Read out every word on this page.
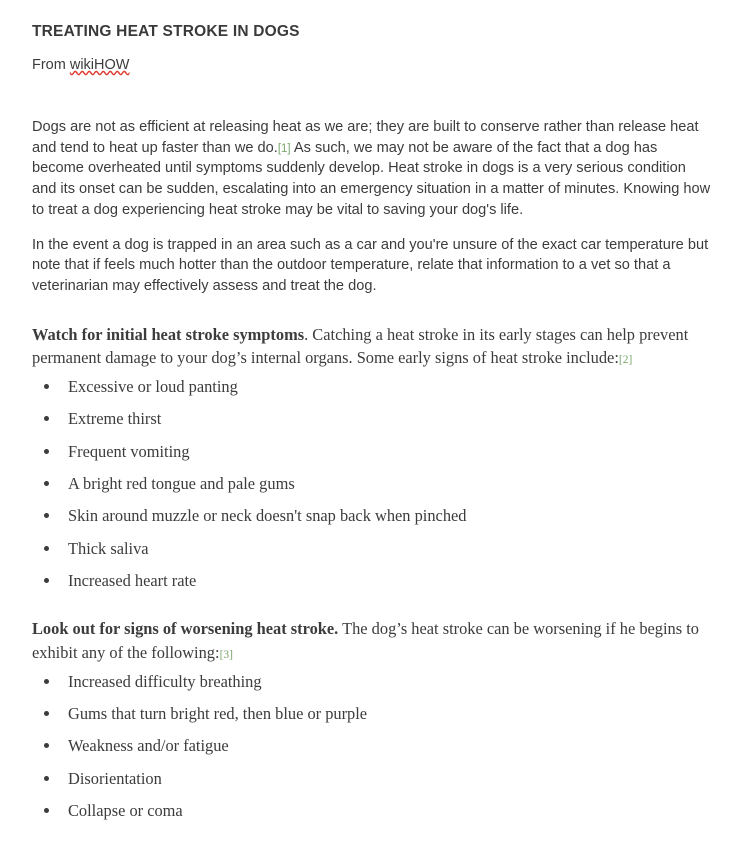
TREATING HEAT STROKE IN DOGS
From wikiHOW

Dogs are not as efficient at releasing heat as we are; they are built to conserve rather than release heat and tend to heat up faster than we do.[1] As such, we may not be aware of the fact that a dog has become overheated until symptoms suddenly develop. Heat stroke in dogs is a very serious condition and its onset can be sudden, escalating into an emergency situation in a matter of minutes. Knowing how to treat a dog experiencing heat stroke may be vital to saving your dog's life.

In the event a dog is trapped in an area such as a car and you're unsure of the exact car temperature but note that if feels much hotter than the outdoor temperature, relate that information to a vet so that a veterinarian may effectively assess and treat the dog.

Watch for initial heat stroke symptoms. Catching a heat stroke in its early stages can help prevent permanent damage to your dog’s internal organs. Some early signs of heat stroke include:[2]

Excessive or loud panting
Extreme thirst
Frequent vomiting
A bright red tongue and pale gums
Skin around muzzle or neck doesn't snap back when pinched
Thick saliva
Increased heart rate

Look out for signs of worsening heat stroke. The dog’s heat stroke can be worsening if he begins to exhibit any of the following:[3]

Increased difficulty breathing
Gums that turn bright red, then blue or purple
Weakness and/or fatigue
Disorientation
Collapse or coma
